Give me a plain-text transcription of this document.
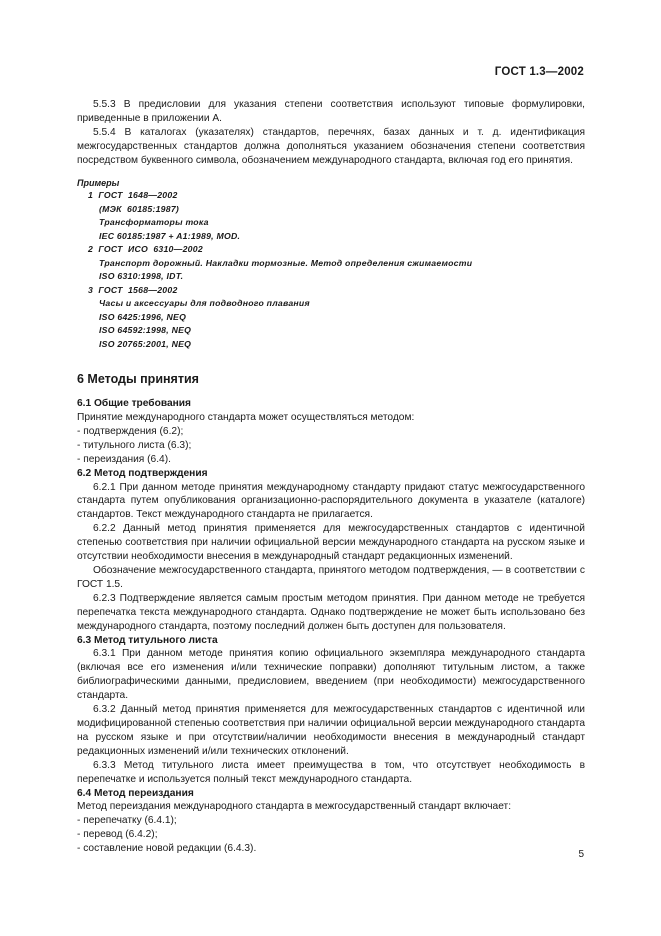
ГОСТ 1.3—2002

5.5.3 В предисловии для указания степени соответствия используют типовые формулировки, приведенные в приложении А.

5.5.4 В каталогах (указателях) стандартов, перечнях, базах данных и т. д. идентификация межгосударственных стандартов должна дополняться указанием обозначения степени соответствия посредством буквенного символа, обозначением международного стандарта, включая год его принятия.

Примеры
1  ГОСТ  1648—2002
(МЭК  60185:1987)
Трансформаторы тока
IEC 60185:1987 + A1:1989, MOD.
2  ГОСТ  ИСО  6310—2002
Транспорт дорожный. Накладки тормозные. Метод определения сжимаемости
ISO 6310:1998, IDT.
3  ГОСТ  1568—2002
Часы и аксессуары для подводного плавания
ISO 6425:1996, NEQ
ISO 64592:1998, NEQ
ISO 20765:2001, NEQ
6 Методы принятия
6.1 Общие требования

Принятие международного стандарта может осуществляться методом:

- подтверждения (6.2);

- титульного листа (6.3);

- переиздания (6.4).

6.2 Метод подтверждения

6.2.1 При данном методе принятия международному стандарту придают статус межгосударственного стандарта путем опубликования организационно-распорядительного документа в указателе (каталоге) стандартов. Текст международного стандарта не прилагается.

6.2.2 Данный метод принятия применяется для межгосударственных стандартов с идентичной степенью соответствия при наличии официальной версии международного стандарта на русском языке и отсутствии необходимости внесения в международный стандарт редакционных изменений.

Обозначение межгосударственного стандарта, принятого методом подтверждения, — в соответствии с ГОСТ 1.5.

6.2.3 Подтверждение является самым простым методом принятия. При данном методе не требуется перепечатка текста международного стандарта. Однако подтверждение не может быть использовано без международного стандарта, поэтому последний должен быть доступен для пользователя.

6.3 Метод титульного листа

6.3.1 При данном методе принятия копию официального экземпляра международного стандарта (включая все его изменения и/или технические поправки) дополняют титульным листом, а также библиографическими данными, предисловием, введением (при необходимости) межгосударственного стандарта.

6.3.2 Данный метод принятия применяется для межгосударственных стандартов с идентичной или модифицированной степенью соответствия при наличии официальной версии международного стандарта на русском языке и при отсутствии/наличии необходимости внесения в международный стандарт редакционных изменений и/или технических отклонений.

6.3.3 Метод титульного листа имеет преимущества в том, что отсутствует необходимость в перепечатке и используется полный текст международного стандарта.

6.4 Метод переиздания

Метод переиздания международного стандарта в межгосударственный стандарт включает:

- перепечатку (6.4.1);

- перевод (6.4.2);

- составление новой редакции (6.4.3).

5
